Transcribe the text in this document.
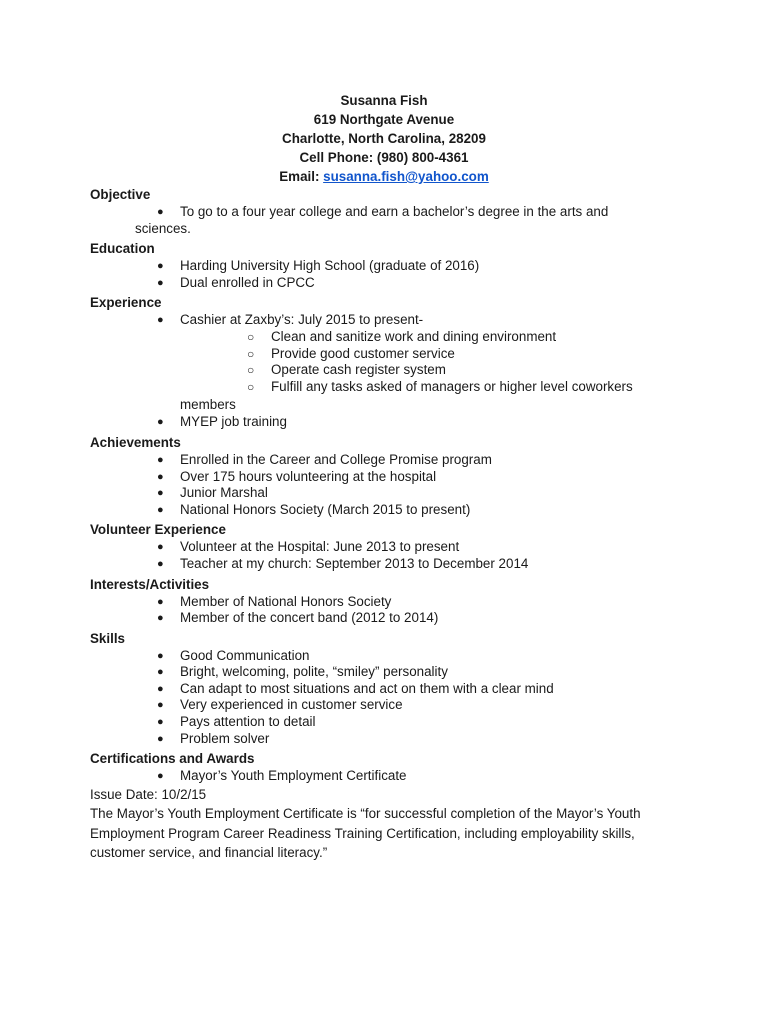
Susanna Fish
619 Northgate Avenue
Charlotte, North Carolina, 28209
Cell Phone: (980) 800-4361
Email: susanna.fish@yahoo.com
Objective
● To go to a four year college and earn a bachelor’s degree in the arts and
sciences.
Education
● Harding University High School (graduate of 2016)
● Dual enrolled in CPCC
Experience
● Cashier at Zaxby’s: July 2015 to present-
○ Clean and sanitize work and dining environment
○ Provide good customer service
○ Operate cash register system
○ Fulfill any tasks asked of managers or higher level coworkers
members
● MYEP job training
Achievements
● Enrolled in the Career and College Promise program
● Over 175 hours volunteering at the hospital
● Junior Marshal
● National Honors Society (March 2015 to present)
Volunteer Experience
● Volunteer at the Hospital: June 2013 to present
● Teacher at my church: September 2013 to December 2014
Interests/Activities
● Member of National Honors Society
● Member of the concert band (2012 to 2014)
Skills
● Good Communication
● Bright, welcoming, polite, “smiley” personality
● Can adapt to most situations and act on them with a clear mind
● Very experienced in customer service
● Pays attention to detail
● Problem solver
Certifications and Awards
● Mayor’s Youth Employment Certificate
Issue Date: 10/2/15
The Mayor’s Youth Employment Certificate is “for successful completion of the Mayor’s Youth
Employment Program Career Readiness Training Certification, including employability skills,
customer service, and financial literacy.”
